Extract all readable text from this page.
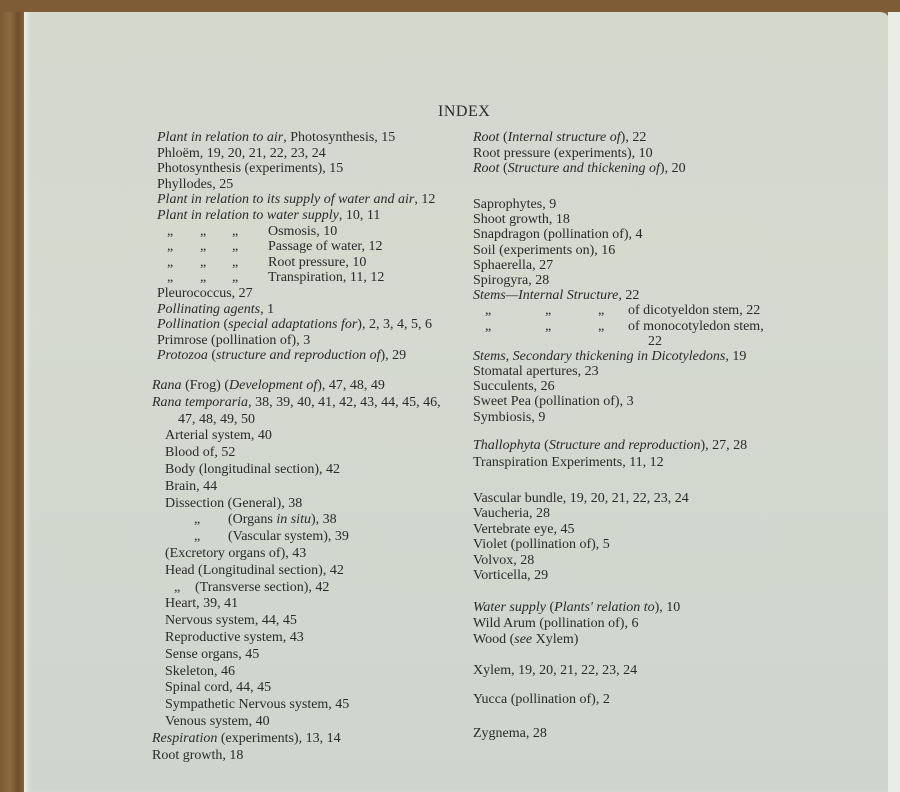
INDEX
Plant in relation to air, Photosynthesis, 15
Phloëm, 19, 20, 21, 22, 23, 24
Photosynthesis (experiments), 15
Phyllodes, 25
Plant in relation to its supply of water and air, 12
Plant in relation to water supply, 10, 11
„ „ „ Osmosis, 10
„ „ „ Passage of water, 12
„ „ „ Root pressure, 10
„ „ „ Transpiration, 11, 12
Pleurococcus, 27
Pollinating agents, 1
Pollination (special adaptations for), 2, 3, 4, 5, 6
Primrose (pollination of), 3
Protozoa (structure and reproduction of), 29
Rana (Frog) (Development of), 47, 48, 49
Rana temporaria, 38, 39, 40, 41, 42, 43, 44, 45, 46,
47, 48, 49, 50
Arterial system, 40
Blood of, 52
Body (longitudinal section), 42
Brain, 44
Dissection (General), 38
„ (Organs in situ), 38
„ (Vascular system), 39
(Excretory organs of), 43
Head (Longitudinal section), 42
„ (Transverse section), 42
Heart, 39, 41
Nervous system, 44, 45
Reproductive system, 43
Sense organs, 45
Skeleton, 46
Spinal cord, 44, 45
Sympathetic Nervous system, 45
Venous system, 40
Respiration (experiments), 13, 14
Root growth, 18
Root (Internal structure of), 22
Root pressure (experiments), 10
Root (Structure and thickening of), 20
Saprophytes, 9
Shoot growth, 18
Snapdragon (pollination of), 4
Soil (experiments on), 16
Sphaerella, 27
Spirogyra, 28
Stems—Internal Structure, 22
„	„	„ of dicotyeldon stem, 22
„	„	„ of monocotyledon stem,
22
Stems, Secondary thickening in Dicotyledons, 19
Stomatal apertures, 23
Succulents, 26
Sweet Pea (pollination of), 3
Symbiosis, 9
Thallophyta (Structure and reproduction), 27, 28
Transpiration Experiments, 11, 12
Vascular bundle, 19, 20, 21, 22, 23, 24
Vaucheria, 28
Vertebrate eye, 45
Violet (pollination of), 5
Volvox, 28
Vorticella, 29
Water supply (Plants' relation to), 10
Wild Arum (pollination of), 6
Wood (see Xylem)
Xylem, 19, 20, 21, 22, 23, 24
Yucca (pollination of), 2
Zygnema, 28
